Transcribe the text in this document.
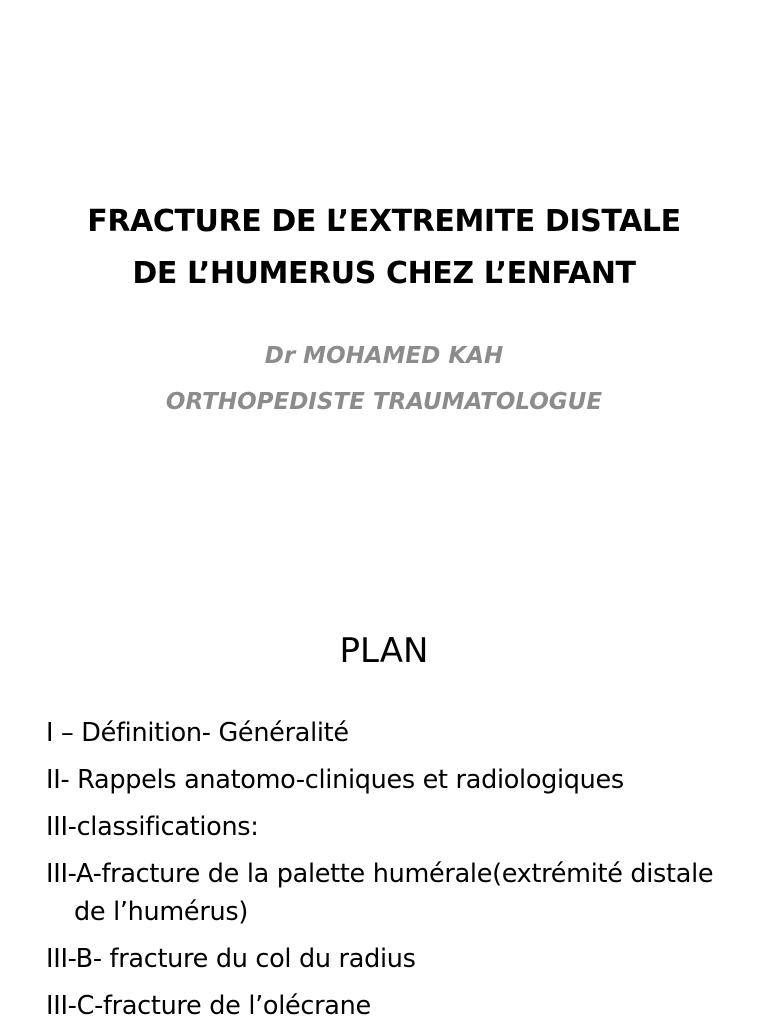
FRACTURE DE L’EXTREMITE DISTALE
DE L’HUMERUS CHEZ L’ENFANT
Dr MOHAMED KAH
ORTHOPEDISTE TRAUMATOLOGUE
PLAN
I – Définition- Généralité
II- Rappels anatomo-cliniques et radiologiques
III-classifications:
III-A-fracture de la palette humérale(extrémité distale de l’humérus)
III-B- fracture du col du radius
III-C-fracture de l’olécrane
